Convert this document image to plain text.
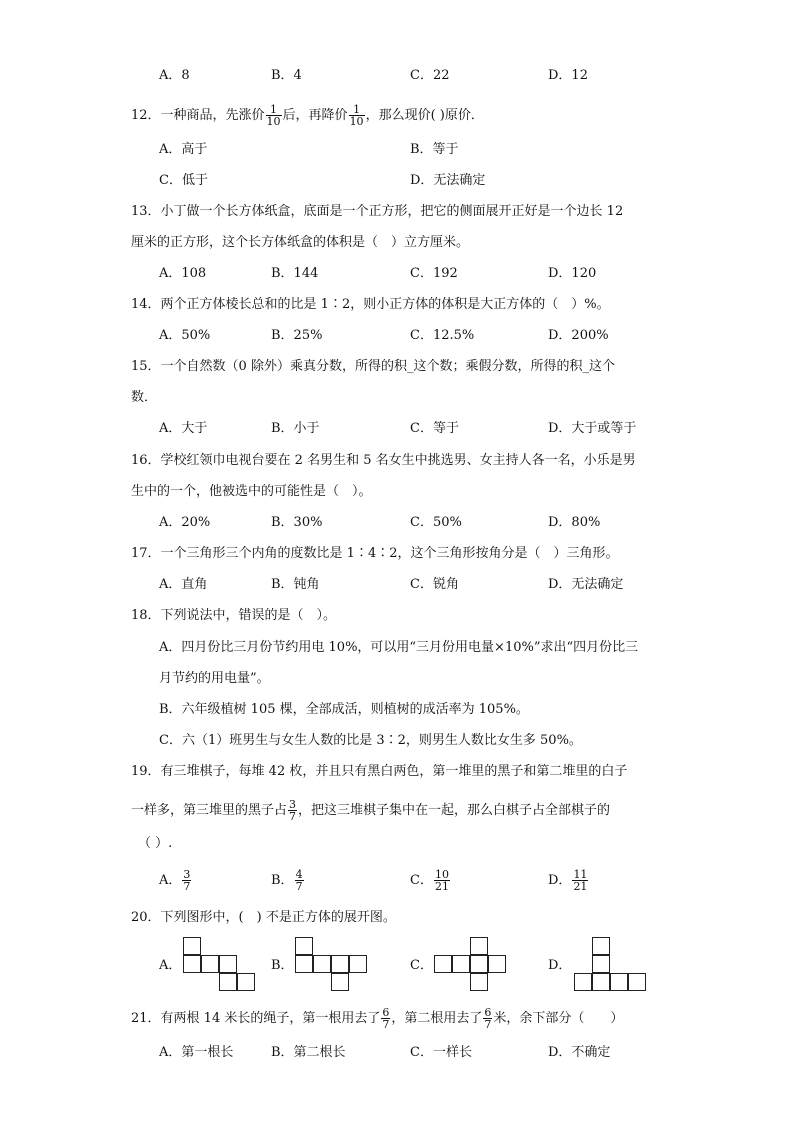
A．8	B．4	C．22	D．12
12．一种商品，先涨价 $\frac{1}{10}$ 后，再降价 $\frac{1}{10}$ ，那么现价( )原价．
A．高于	B．等于
C．低于	D．无法确定
13．小丁做一个长方体纸盒，底面是一个正方形，把它的侧面展开正好是一个边长 12
厘米的正方形，这个长方体纸盒的体积是（　）立方厘米。
A．108	B．144	C．192	D．120
14．两个正方体棱长总和的比是 1∶2，则小正方体的体积是大正方体的（　）%。
A．50%	B．25%	C．12.5%	D．200%
15．一个自然数（0 除外）乘真分数，所得的积_这个数；乘假分数，所得的积_这个
数．
A．大于	B．小于	C．等于	D．大于或等于
16．学校红领巾电视台要在 2 名男生和 5 名女生中挑选男、女主持人各一名，小乐是男
生中的一个，他被选中的可能性是（　）。
A．20%	B．30%	C．50%	D．80%
17．一个三角形三个内角的度数比是 1∶4∶2，这个三角形按角分是（　）三角形。
A．直角	B．钝角	C．锐角	D．无法确定
18．下列说法中，错误的是（　）。
A．四月份比三月份节约用电 10%，可以用“三月份用电量×10%”求出“四月份比三
月节约的用电量”。
B．六年级植树 105 棵，全部成活，则植树的成活率为 105%。
C．六（1）班男生与女生人数的比是 3∶2，则男生人数比女生多 50%。
19．有三堆棋子，每堆 42 枚，并且只有黑白两色，第一堆里的黑子和第二堆里的白子
一样多，第三堆里的黑子占 $\frac{3}{7}$ ，把这三堆棋子集中在一起，那么白棋子占全部棋子的
（ ）.
A． $\frac{3}{7}$	B． $\frac{4}{7}$	C． $\frac{10}{21}$	D． $\frac{11}{21}$
20．下列图形中，(　) 不是正方体的展开图。
A．	B．	C．	D．
21．有两根 14 米长的绳子，第一根用去了 $\frac{6}{7}$ ，第二根用去了 $\frac{6}{7}$ 米，余下部分（　　）
A．第一根长	B．第二根长	C．一样长	D．不确定
